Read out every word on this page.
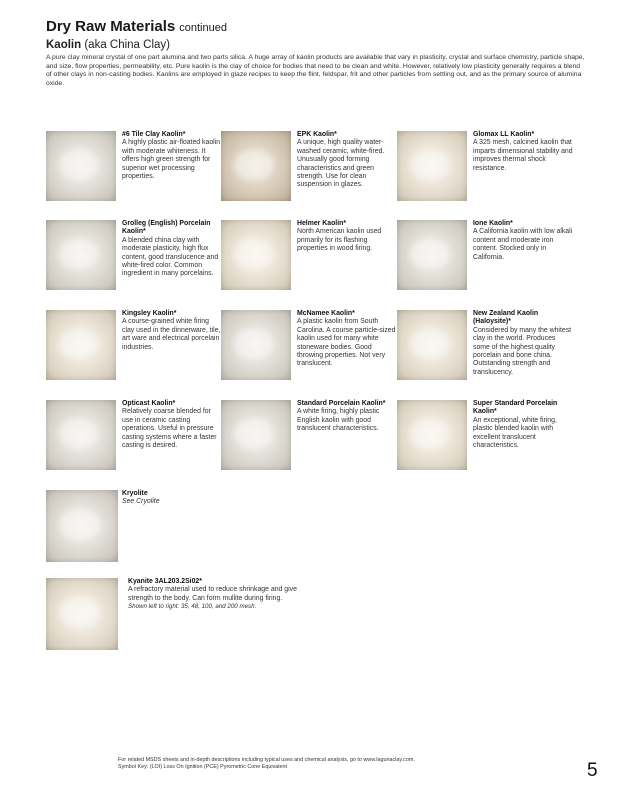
Dry Raw Materials continued
Kaolin (aka China Clay)
A pure clay mineral crystal of one part alumina and two parts silica. A huge array of kaolin products are available that vary in plasticity, crystal and surface chemistry, particle shape, and size, flow properties, permeability, etc. Pure kaolin is the clay of choice for bodies that need to be clean and white. However, relatively low plasticity generally requires a blend of other clays in non-casting bodies. Kaolins are employed in glaze recipes to keep the flint, feldspar, frit and other particles from settling out, and as the primary source of alumina oxide.
#6 Tile Clay Kaolin*
A highly plastic air-floated kaolin with moderate whiteness. It offers high green strength for superior wet processing properties.
EPK Kaolin*
A unique, high quality water-washed ceramic, white-fired. Unusually good forming characteristics and green strength. Use for clean suspension in glazes.
Glomax LL Kaolin*
A 325 mesh, calcined kaolin that imparts dimensional stability and improves thermal shock resistance.
Grolleg (English) Porcelain Kaolin*
A blended china clay with moderate plasticity, high flux content, good translucence and white-fired color. Common ingredient in many porcelains.
Helmer Kaolin*
North American kaolin used primarily for its flashing properties in wood firing.
Ione Kaolin*
A California kaolin with low alkali content and moderate iron content. Stocked only in California.
Kingsley Kaolin*
A course-grained white firing clay used in the dinnerware, tile, art ware and electrical porcelain industries.
McNamee Kaolin*
A plastic kaolin from South Carolina. A course particle-sized kaolin used for many white stoneware bodies. Good throwing properties. Not very translucent.
New Zealand Kaolin (Haloysite)*
Considered by many the whitest clay in the world. Produces some of the highest quality porcelain and bone china. Outstanding strength and translucency.
Opticast Kaolin*
Relatively coarse blended for use in ceramic casting operations. Useful in pressure casting systems where a faster casting is desired.
Standard Porcelain Kaolin*
A white firing, highly plastic English kaolin with good translucent characteristics.
Super Standard Porcelain Kaolin*
An exceptional, white firing, plastic blended kaolin with excellent translucent characteristics.
Kryolite
See Cryolite
Kyanite 3AL203.2Si02*
A refractory material used to reduce shrinkage and give strength to the body. Can form mullite during firing.
Shown left to right: 35, 48, 100, and 200 mesh.
For related MSDS sheets and in-depth descriptions including typical uses and chemical analysis, go to www.lagunaclay.com.
Symbol Key: (LOI) Loss On Ignition (PCE) Pyrometric Cone Equivalent	5
